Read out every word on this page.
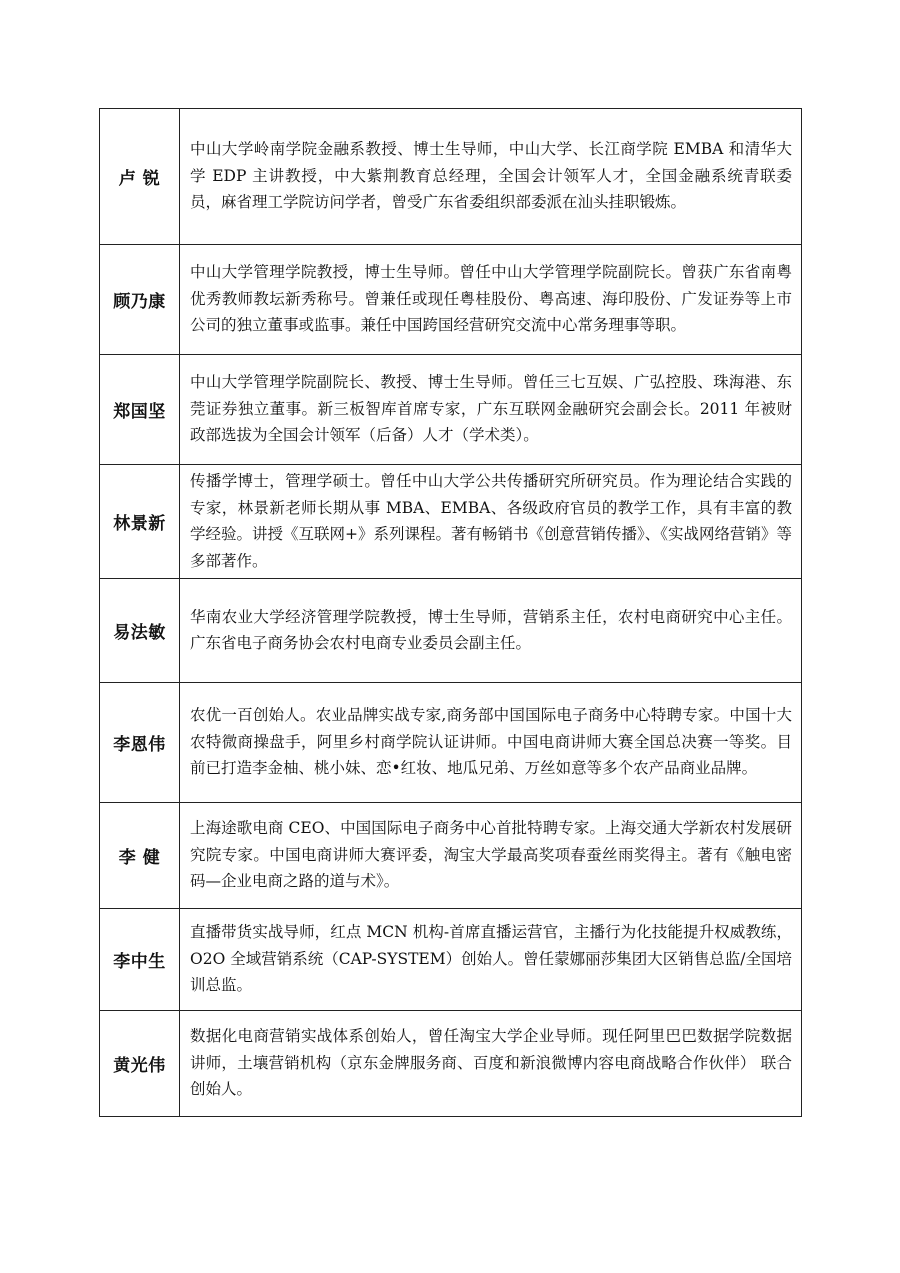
卢 锐	中山大学岭南学院金融系教授、博士生导师，中山大学、长江商学院 EMBA 和清华大学 EDP 主讲教授，中大紫荆教育总经理，全国会计领军人才，全国金融系统青联委员，麻省理工学院访问学者，曾受广东省委组织部委派在汕头挂职锻炼。
顾乃康	中山大学管理学院教授，博士生导师。曾任中山大学管理学院副院长。曾获广东省南粤优秀教师教坛新秀称号。曾兼任或现任粤桂股份、粤高速、海印股份、广发证券等上市公司的独立董事或监事。兼任中国跨国经营研究交流中心常务理事等职。
郑国坚	中山大学管理学院副院长、教授、博士生导师。曾任三七互娱、广弘控股、珠海港、东莞证券独立董事。新三板智库首席专家，广东互联网金融研究会副会长。2011 年被财政部选拔为全国会计领军（后备）人才（学术类）。
林景新	传播学博士，管理学硕士。曾任中山大学公共传播研究所研究员。作为理论结合实践的专家，林景新老师长期从事 MBA、EMBA、各级政府官员的教学工作，具有丰富的教学经验。讲授《互联网+》系列课程。著有畅销书《创意营销传播》、《实战网络营销》等多部著作。
易法敏	华南农业大学经济管理学院教授，博士生导师，营销系主任，农村电商研究中心主任。广东省电子商务协会农村电商专业委员会副主任。
李恩伟	农优一百创始人。农业品牌实战专家,商务部中国国际电子商务中心特聘专家。中国十大农特微商操盘手，阿里乡村商学院认证讲师。中国电商讲师大赛全国总决赛一等奖。目前已打造李金柚、桃小妹、恋•红妆、地瓜兄弟、万丝如意等多个农产品商业品牌。
李 健	上海途歌电商 CEO、中国国际电子商务中心首批特聘专家。上海交通大学新农村发展研究院专家。中国电商讲师大赛评委，淘宝大学最高奖项春蚕丝雨奖得主。著有《触电密码—企业电商之路的道与术》。
李中生	直播带货实战导师，红点 MCN 机构-首席直播运营官，主播行为化技能提升权威教练，O2O 全域营销系统（CAP-SYSTEM）创始人。曾任蒙娜丽莎集团大区销售总监/全国培训总监。
黄光伟	数据化电商营销实战体系创始人，曾任淘宝大学企业导师。现任阿里巴巴数据学院数据讲师，土壤营销机构（京东金牌服务商、百度和新浪微博内容电商战略合作伙伴） 联合创始人。
